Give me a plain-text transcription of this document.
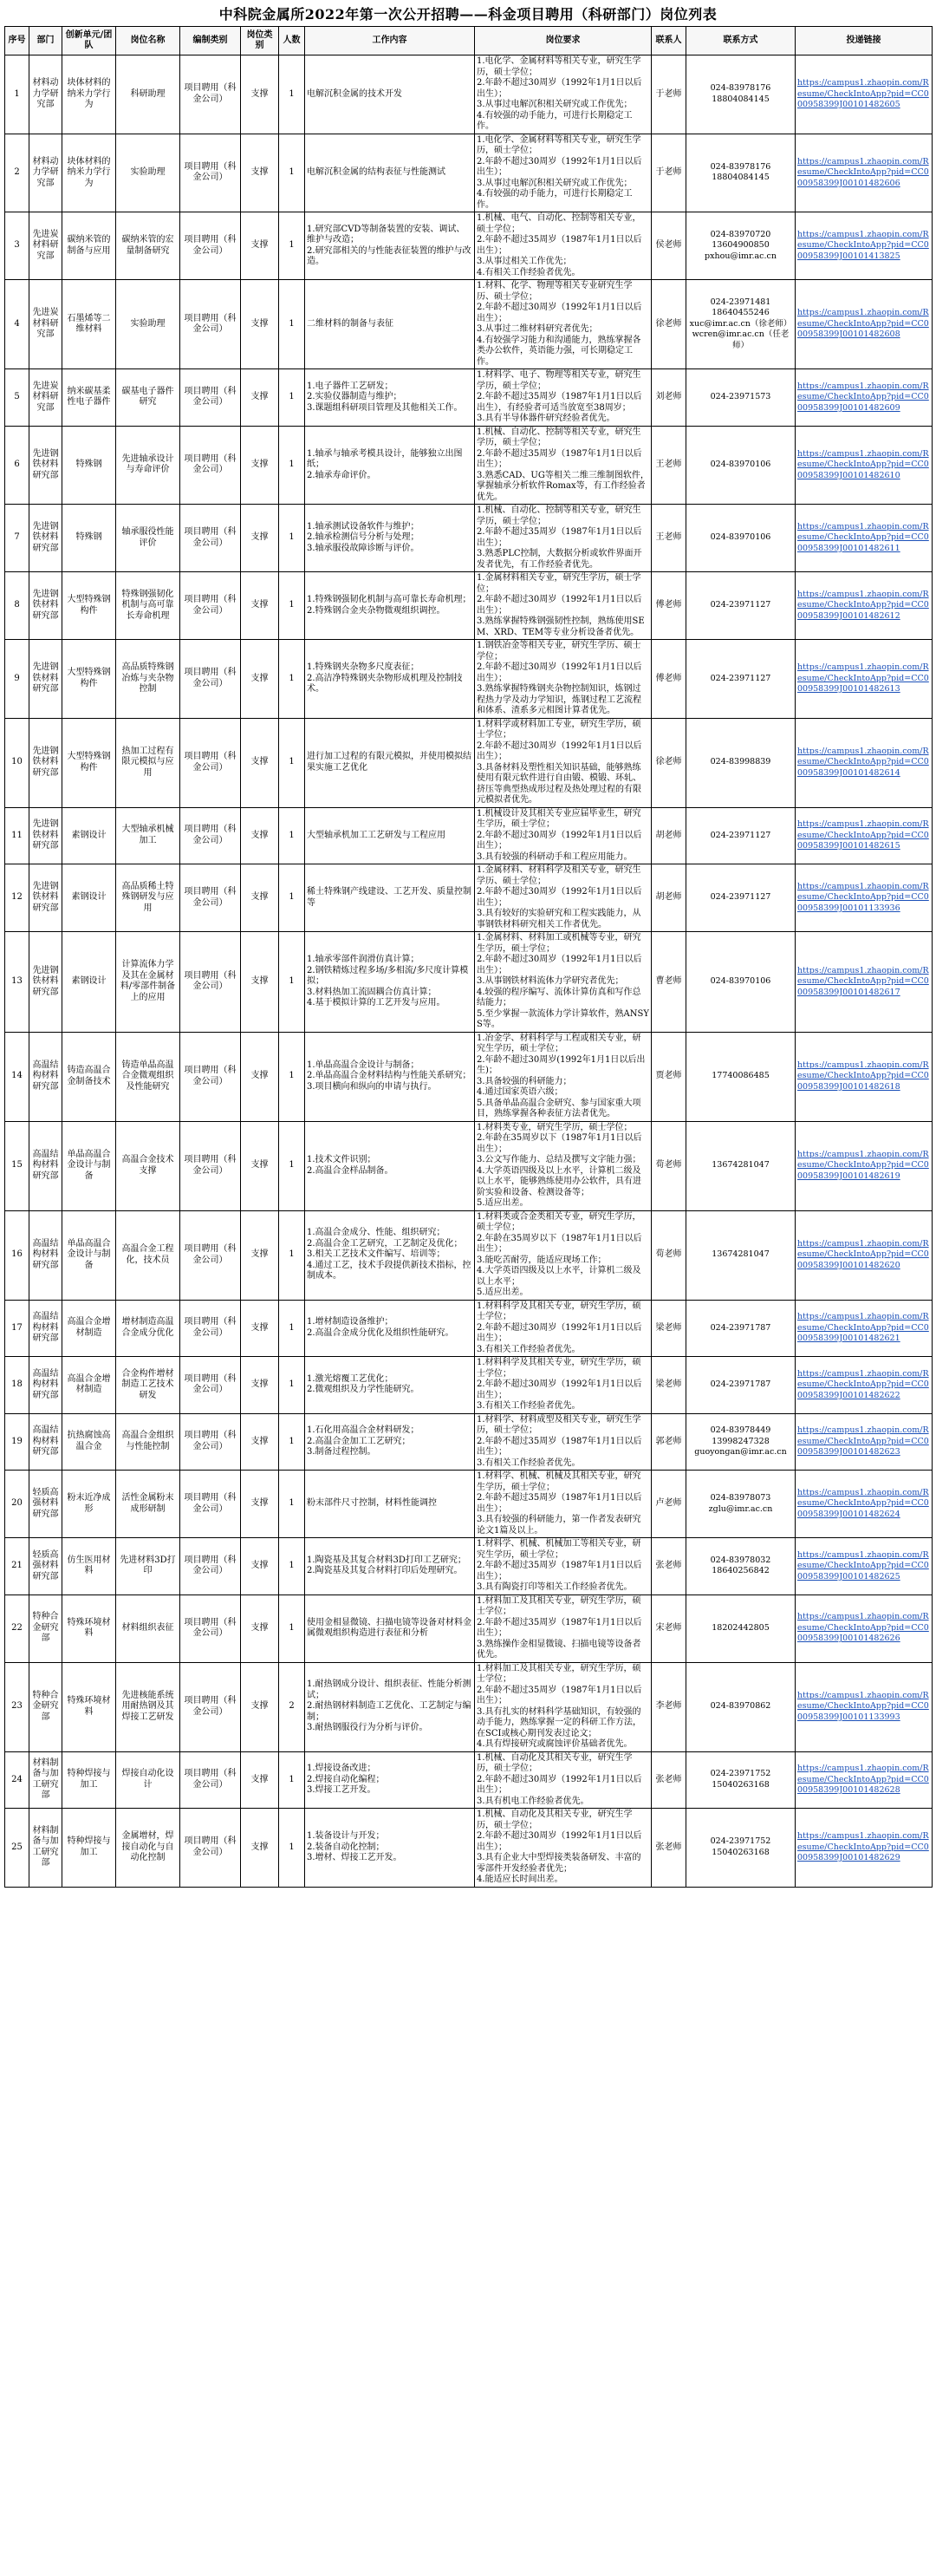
中科院金属所2022年第一次公开招聘——科金项目聘用（科研部门）岗位列表
序号	部门	创新单元/团队	岗位名称	编制类别	岗位类别	人数	工作内容	岗位要求	联系人	联系方式	投递链接

1	材料动力学研究部	块体材料的纳米力学行为	科研助理	项目聘用（科金公司）	支撑	1	电解沉积金属的技术开发	1.电化学、金属材料等相关专业，研究生学历，硕士学位；
2.年龄不超过30周岁（1992年1月1日以后出生）；
3.从事过电解沉积相关研究或工作优先；
4.有较强的动手能力，可进行长期稳定工作。	于老师	024-83978176
18804084145	https://campus1.zhaopin.com/Resume/CheckIntoApp?pid=CC000958399J00101482605

2	材料动力学研究部	块体材料的纳米力学行为	实验助理	项目聘用（科金公司）	支撑	1	电解沉积金属的结构表征与性能测试	1.电化学、金属材料等相关专业，研究生学历，硕士学位；
2.年龄不超过30周岁（1992年1月1日以后出生）；
3.从事过电解沉积相关研究或工作优先；
4.有较强的动手能力，可进行长期稳定工作。	于老师	024-83978176
18804084145	https://campus1.zhaopin.com/Resume/CheckIntoApp?pid=CC000958399J00101482606

3	先进炭材料研究部	碳纳米管的制备与应用	碳纳米管的宏量制备研究	项目聘用（科金公司）	支撑	1	1.研究部CVD等制备装置的安装、调试、维护与改造；
2.研究部相关的与性能表征装置的维护与改造。	1.机械、电气、自动化、控制等相关专业，硕士学位；
2.年龄不超过35周岁（1987年1月1日以后出生）；
3.从事过相关工作优先；
4.有相关工作经验者优先。	侯老师	024-83970720
13604900850
pxhou@imr.ac.cn	https://campus1.zhaopin.com/Resume/CheckIntoApp?pid=CC000958399J00101413825

4	先进炭材料研究部	石墨烯等二维材料	实验助理	项目聘用（科金公司）	支撑	1	二维材料的制备与表征	1.材料、化学、物理等相关专业研究生学历、硕士学位；
2.年龄不超过30周岁（1992年1月1日以后出生）；
3.从事过二维材料研究者优先；
4.有较强学习能力和沟通能力，熟练掌握各类办公软件，英语能力强，可长期稳定工作。	徐老师	024-23971481
18640455246
xuc@imr.ac.cn（徐老师）
wcren@imr.ac.cn（任老师）	https://campus1.zhaopin.com/Resume/CheckIntoApp?pid=CC000958399J00101482608

5	先进炭材料研究部	纳米碳基柔性电子器件	碳基电子器件研究	项目聘用（科金公司）	支撑	1	1.电子器件工艺研发；
2.实验仪器制造与维护；
3.课题组科研项目管理及其他相关工作。	1.材料学、电子、物理等相关专业，研究生学历，硕士学位；
2.年龄不超过35周岁（1987年1月1日以后出生），有经验者可适当放宽至38周岁；
3.具有半导体器件研究经验者优先。	刘老师	024-23971573	https://campus1.zhaopin.com/Resume/CheckIntoApp?pid=CC000958399J00101482609

6	先进钢铁材料研究部	特殊钢	先进轴承设计与寿命评价	项目聘用（科金公司）	支撑	1	1.轴承与轴承考模具设计，能够独立出图纸；
2.轴承寿命评价。	1.机械、自动化、控制等相关专业，研究生学历，硕士学位；
2.年龄不超过35周岁（1987年1月1日以后出生）；
3.熟悉CAD、UG等相关二维三维制图软件，掌握轴承分析软件Romax等，有工作经验者优先。	王老师	024-83970106	https://campus1.zhaopin.com/Resume/CheckIntoApp?pid=CC000958399J00101482610

7	先进钢铁材料研究部	特殊钢	轴承服役性能评价	项目聘用（科金公司）	支撑	1	1.轴承测试设备软件与维护；
2.轴承检测信号分析与处理；
3.轴承服役故障诊断与评价。	1.机械、自动化、控制等相关专业，研究生学历，硕士学位；
2.年龄不超过35周岁（1987年1月1日以后出生）；
3.熟悉PLC控制，大数据分析或软件界面开发者优先，有工作经验者优先。	王老师	024-83970106	https://campus1.zhaopin.com/Resume/CheckIntoApp?pid=CC000958399J00101482611

8	先进钢铁材料研究部	大型特殊钢构件	特殊钢强韧化机制与高可靠长寿命机理	项目聘用（科金公司）	支撑	1	1.特殊钢强韧化机制与高可靠长寿命机理；
2.特殊钢合金夹杂物微观组织调控。	1.金属材料相关专业，研究生学历，硕士学位；
2.年龄不超过30周岁（1992年1月1日以后出生）；
3.熟练掌握特殊钢强韧性控制，熟练使用SEM、XRD、TEM等专业分析设备者优先。	傅老师	024-23971127	https://campus1.zhaopin.com/Resume/CheckIntoApp?pid=CC000958399J00101482612

9	先进钢铁材料研究部	大型特殊钢构件	高品质特殊钢冶炼与夹杂物控制	项目聘用（科金公司）	支撑	1	1.特殊钢夹杂物多尺度表征；
2.高洁净特殊钢夹杂物形成机理及控制技术。	1.钢铁冶金等相关专业，研究生学历、硕士学位；
2.年龄不超过30周岁（1992年1月1日以后出生）；
3.熟练掌握特殊钢夹杂物控制知识，炼钢过程热力学及动力学知识，炼钢过程工艺流程和体系、渣系多元相图计算者优先。	傅老师	024-23971127	https://campus1.zhaopin.com/Resume/CheckIntoApp?pid=CC000958399J00101482613

10	先进钢铁材料研究部	大型特殊钢构件	热加工过程有限元模拟与应用	项目聘用（科金公司）	支撑	1	进行加工过程的有限元模拟，并使用模拟结果实施工艺优化	1.材料学或材料加工专业，研究生学历，硕士学位；
2.年龄不超过30周岁（1992年1月1日以后出生）；
3.具备材料及塑性相关知识基础，能够熟练使用有限元软件进行自由锻、模锻、环轧、挤压等典型热成形过程及热处理过程的有限元模拟者优先。	徐老师	024-83998839	https://campus1.zhaopin.com/Resume/CheckIntoApp?pid=CC000958399J00101482614

11	先进钢铁材料研究部	素钢设计	大型轴承机械加工	项目聘用（科金公司）	支撑	1	大型轴承机加工工艺研发与工程应用	1.机械设计及其相关专业应届毕业生，研究生学历，硕士学位；
2.年龄不超过30周岁（1992年1月1日以后出生）；
3.具有较强的科研动手和工程应用能力。	胡老师	024-23971127	https://campus1.zhaopin.com/Resume/CheckIntoApp?pid=CC000958399J00101482615

12	先进钢铁材料研究部	素钢设计	高品质稀土特殊钢研发与应用	项目聘用（科金公司）	支撑	1	稀土特殊钢产线建设、工艺开发、质量控制等	1.金属材料、材料科学及相关专业，研究生学历、硕士学位；
2.年龄不超过30周岁（1992年1月1日以后出生）；
3.具有较好的实验研究和工程实践能力，从事钢铁材料研究相关工作者优先。	胡老师	024-23971127	https://campus1.zhaopin.com/Resume/CheckIntoApp?pid=CC000958399J00101133936

13	先进钢铁材料研究部	素钢设计	计算流体力学及其在金属材料/零部件制备上的应用	项目聘用（科金公司）	支撑	1	1.轴承零部件润滑仿真计算；
2.钢铁精炼过程多场/多相流/多尺度计算模拟；
3.材料热加工流固耦合仿真计算；
4.基于模拟计算的工艺开发与应用。	1.金属材料、材料加工或机械等专业，研究生学历，硕士学位；
2.年龄不超过30周岁（1992年1月1日以后出生）；
3.从事钢铁材料流体力学研究者优先；
4.较强的程序编写、流体计算仿真和写作总结能力；
5.至少掌握一款流体力学计算软件，熟ANSYS等。	曹老师	024-83970106	https://campus1.zhaopin.com/Resume/CheckIntoApp?pid=CC000958399J00101482617

14	高温结构材料研究部	铸造高温合金制备技术	铸造单晶高温合金微观组织及性能研究	项目聘用（科金公司）	支撑	1	1.单晶高温合金设计与制备；
2.单晶高温合金材料结构与性能关系研究；
3.项目横向和纵向的申请与执行。	1.冶金学、材料科学与工程或相关专业，研究生学历，硕士学位；
2.年龄不超过30周岁(1992年1月1日以后出生)；
3.具备较强的科研能力；
4.通过国家英语六级；
5.具备单晶高温合金研究、参与国家重大项目，熟练掌握各种表征方法者优先。	贾老师	17740086485	https://campus1.zhaopin.com/Resume/CheckIntoApp?pid=CC000958399J00101482618

15	高温结构材料研究部	单晶高温合金设计与制备	高温合金技术支撑	项目聘用（科金公司）	支撑	1	1.技术文件识别；
2.高温合金样品制备。	1.材料类专业，研究生学历，硕士学位；
2.年龄在35周岁以下（1987年1月1日以后出生）；
3.公文写作能力、总结及撰写文字能力强；
4.大学英语四级及以上水平，计算机二级及以上水平，能够熟练使用办公软件，具有进阶实验和设备、检测设备等；
5.适应出差。	荀老师	13674281047	https://campus1.zhaopin.com/Resume/CheckIntoApp?pid=CC000958399J00101482619

16	高温结构材料研究部	单晶高温合金设计与制备	高温合金工程化，技术员	项目聘用（科金公司）	支撑	1	1.高温合金成分、性能、组织研究；
2.高温合金工艺研究，工艺制定及优化；
3.相关工艺技术文件编写、培训等；
4.通过工艺，技术手段提供新技术指标，控制成本。	1.材料类或合金类相关专业，研究生学历，硕士学位；
2.年龄在35周岁以下（1987年1月1日以后出生）；
3.能吃苦耐劳，能适应现场工作；
4.大学英语四级及以上水平，计算机二级及以上水平；
5.适应出差。	荀老师	13674281047	https://campus1.zhaopin.com/Resume/CheckIntoApp?pid=CC000958399J00101482620

17	高温结构材料研究部	高温合金增材制造	增材制造高温合金成分优化	项目聘用（科金公司）	支撑	1	1.增材制造设备维护；
2.高温合金成分优化及组织性能研究。	1.材料科学及其相关专业，研究生学历，硕士学位；
2.年龄不超过30周岁（1992年1月1日以后出生）；
3.有相关工作经验者优先。	梁老师	024-23971787	https://campus1.zhaopin.com/Resume/CheckIntoApp?pid=CC000958399J00101482621

18	高温结构材料研究部	高温合金增材制造	合金构件增材制造工艺技术研发	项目聘用（科金公司）	支撑	1	1.激光熔覆工艺优化；
2.微观组织及力学性能研究。	1.材料科学及其相关专业，研究生学历，硕士学位；
2.年龄不超过30周岁（1992年1月1日以后出生）；
3.有相关工作经验者优先。	梁老师	024-23971787	https://campus1.zhaopin.com/Resume/CheckIntoApp?pid=CC000958399J00101482622

19	高温结构材料研究部	抗热腐蚀高温合金	高温合金组织与性能控制	项目聘用（科金公司）	支撑	1	1.石化用高温合金材料研发；
2.高温合金加工工艺研究；
3.制备过程控制。	1.材料学、材料成型及相关专业，研究生学历，硕士学位；
2.年龄不超过35周岁（1987年1月1日以后出生）；
3.有相关工作经验者优先。	郭老师	024-83978449
13998247328
guoyongan@imr.ac.cn	https://campus1.zhaopin.com/Resume/CheckIntoApp?pid=CC000958399J00101482623

20	轻质高强材料研究部	粉末近净成形	活性金属粉末成形研制	项目聘用（科金公司）	支撑	1	粉末部件尺寸控制，材料性能调控	1.材料学、机械、机械及其相关专业，研究生学历，硕士学位；
2.年龄不超过35周岁（1987年1月1日以后出生）；
3.具有较强的科研能力，第一作者发表研究论文1篇及以上。	卢老师	024-83978073
zglu@imr.ac.cn	https://campus1.zhaopin.com/Resume/CheckIntoApp?pid=CC000958399J00101482624

21	轻质高强材料研究部	仿生医用材料	先进材料3D打印	项目聘用（科金公司）	支撑	1	1.陶瓷基及其复合材料3D打印工艺研究；
2.陶瓷基及其复合材料打印后处理研究。	1.材料学、机械、机械加工等相关专业，研究生学历，硕士学位；
2.年龄不超过35周岁（1987年1月1日以后出生）；
3.具有陶瓷打印等相关工作经验者优先。	张老师	024-83978032
18640256842	https://campus1.zhaopin.com/Resume/CheckIntoApp?pid=CC000958399J00101482625

22	特种合金研究部	特殊环境材料	材料组织表征	项目聘用（科金公司）	支撑	1	使用金相显微镜、扫描电镜等设备对材料金属微观组织构造进行表征和分析	1.材料加工及其相关专业，研究生学历，硕士学位；
2.年龄不超过35周岁（1987年1月1日以后出生）；
3.熟练操作金相显微镜、扫描电镜等设备者优先。	宋老师	18202442805	https://campus1.zhaopin.com/Resume/CheckIntoApp?pid=CC000958399J00101482626

23	特种合金研究部	特殊环境材料	先进核能系统用耐热钢及其焊接工艺研发	项目聘用（科金公司）	支撑	2	1.耐热钢成分设计、组织表征、性能分析测试；
2.耐热钢材料制造工艺优化、工艺制定与编制；
3.耐热钢服役行为分析与评价。	1.材料加工及其相关专业，研究生学历，硕士学位；
2.年龄不超过35周岁（1987年1月1日以后出生）；
3.具有扎实的材料科学基础知识，有较强的动手能力，熟练掌握一定的科研工作方法，在SCI或核心期刊发表过论文；
4.具有焊接研究或腐蚀评价基础者优先。	李老师	024-83970862	https://campus1.zhaopin.com/Resume/CheckIntoApp?pid=CC000958399J00101133993

24	材料制备与加工研究部	特种焊接与加工	焊接自动化设计	项目聘用（科金公司）	支撑	1	1.焊接设备改进；
2.焊接自动化编程；
3.焊接工艺开发。	1.机械、自动化及其相关专业，研究生学历，硕士学位；
2.年龄不超过30周岁（1992年1月1日以后出生）；
3.具有机电工作经验者优先。	张老师	024-23971752
15040263168	https://campus1.zhaopin.com/Resume/CheckIntoApp?pid=CC000958399J00101482628

25	材料制备与加工研究部	特种焊接与加工	金属增材，焊接自动化与自动化控制	项目聘用（科金公司）	支撑	1	1.装备设计与开发；
2.装备自动化控制；
3.增材、焊接工艺开发。	1.机械、自动化及其相关专业，研究生学历，硕士学位；
2.年龄不超过30周岁（1992年1月1日以后出生）；
3.具有企业大中型焊接类装备研发、丰富的零部件开发经验者优先；
4.能适应长时间出差。	张老师	024-23971752
15040263168	https://campus1.zhaopin.com/Resume/CheckIntoApp?pid=CC000958399J00101482629
